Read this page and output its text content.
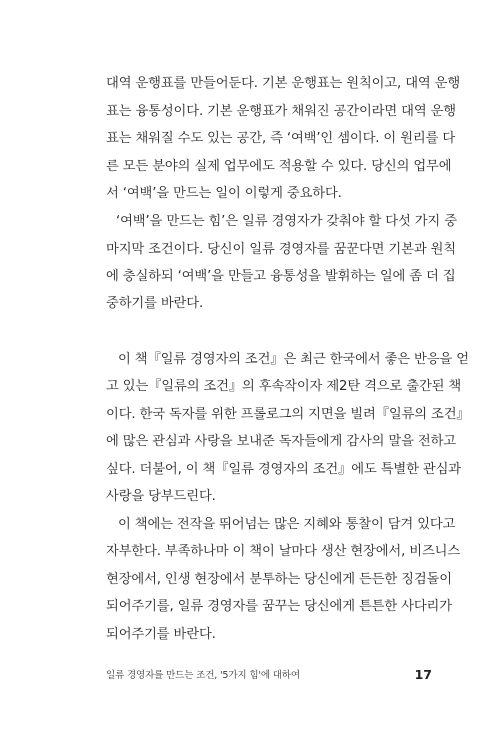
대역 운행표를 만들어둔다. 기본 운행표는 원칙이고, 대역 운행
표는 융통성이다. 기본 운행표가 채워진 공간이라면 대역 운행
표는 채워질 수도 있는 공간, 즉 ‘여백’인 셈이다. 이 원리를 다
른 모든 분야의 실제 업무에도 적용할 수 있다. 당신의 업무에
서 ‘여백’을 만드는 일이 이렇게 중요하다.
‘여백’을 만드는 힘’은 일류 경영자가 갖춰야 할 다섯 가지 중
마지막 조건이다. 당신이 일류 경영자를 꿈꾼다면 기본과 원칙
에 충실하되 ‘여백’을 만들고 융통성을 발휘하는 일에 좀 더 집
중하기를 바란다.
이 책『일류 경영자의 조건』은 최근 한국에서 좋은 반응을 얻
고 있는『일류의 조건』의 후속작이자 제2탄 격으로 출간된 책
이다. 한국 독자를 위한 프롤로그의 지면을 빌려『일류의 조건』
에 많은 관심과 사랑을 보내준 독자들에게 감사의 말을 전하고
싶다. 더불어, 이 책『일류 경영자의 조건』에도 특별한 관심과
사랑을 당부드린다.
이 책에는 전작을 뛰어넘는 많은 지혜와 통찰이 담겨 있다고
자부한다. 부족하나마 이 책이 날마다 생산 현장에서, 비즈니스
현장에서, 인생 현장에서 분투하는 당신에게 든든한 징검돌이
되어주기를, 일류 경영자를 꿈꾸는 당신에게 튼튼한 사다리가
되어주기를 바란다.
일류 경영자를 만드는 조건, '5가지 힘'에 대하여	17
